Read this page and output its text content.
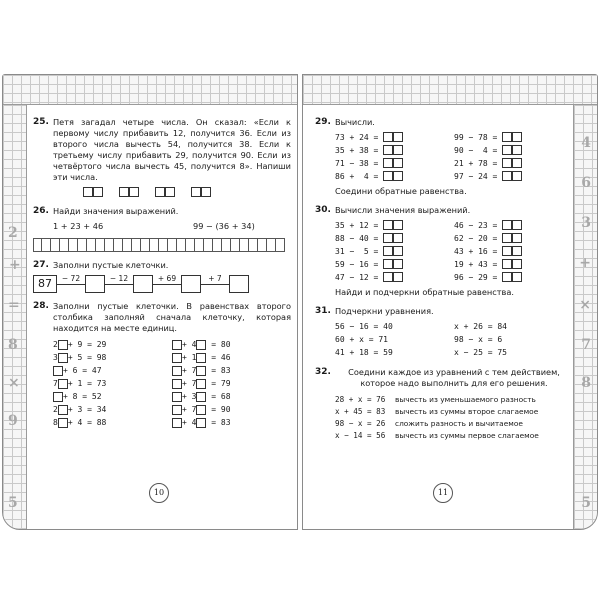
2
+
=
8
×
9
5
25. Петя загадал четыре числа. Он сказал: «Если к первому числу прибавить 12, получится 36. Если из второго числа вычесть 54, получится 38. Если к третьему числу прибавить 29, получится 90. Если из четвёртого числа вычесть 45, получится 8». Напиши эти числа.
26. Найди значения выражений.
1 + 23 + 46	99 − (36 + 34)
27. Заполни пустые клеточки.
87	− 72	− 12	+ 69	+ 7
28. Заполни пустые клеточки. В равенствах второго столбика заполняй сначала клеточку, которая находится на месте единиц.
2 + 9 = 29
3 + 5 = 98
+ 6 = 47
7 + 1 = 73
+ 8 = 52
2 + 3 = 34
8 + 4 = 88
+ 4 = 80
+ 1 = 46
+ 7 = 83
+ 7 = 79
+ 3 = 68
+ 7 = 90
+ 4 = 83
10
4
6
3
+
×
7
8
5
29. Вычисли.
73 + 24 =

35 + 38 =

71 − 38 =

86 +  4 =

99 − 78 =

90 −  4 =

21 + 78 =

97 − 24 =

Соедини обратные равенства.
30. Вычисли значения выражений.
35 + 12 =

88 − 40 =

31 −  5 =

59 − 16 =

47 − 12 =

46 − 23 =

62 − 20 =

43 + 16 =

19 + 43 =

96 − 29 =

Найди и подчеркни обратные равенства.
31. Подчеркни уравнения.
56 − 16 = 40
60 + x = 71
41 + 18 = 59
x + 26 = 84
98 − x = 6
x − 25 = 75
32.	Соедини каждое из уравнений с тем действием, которое надо выполнить для его решения.
28 + x = 76	вычесть из уменьшаемого разность
x + 45 = 83	вычесть из суммы второе слагаемое
98 − x = 26	сложить разность и вычитаемое
x − 14 = 56	вычесть из суммы первое слагаемое
11
